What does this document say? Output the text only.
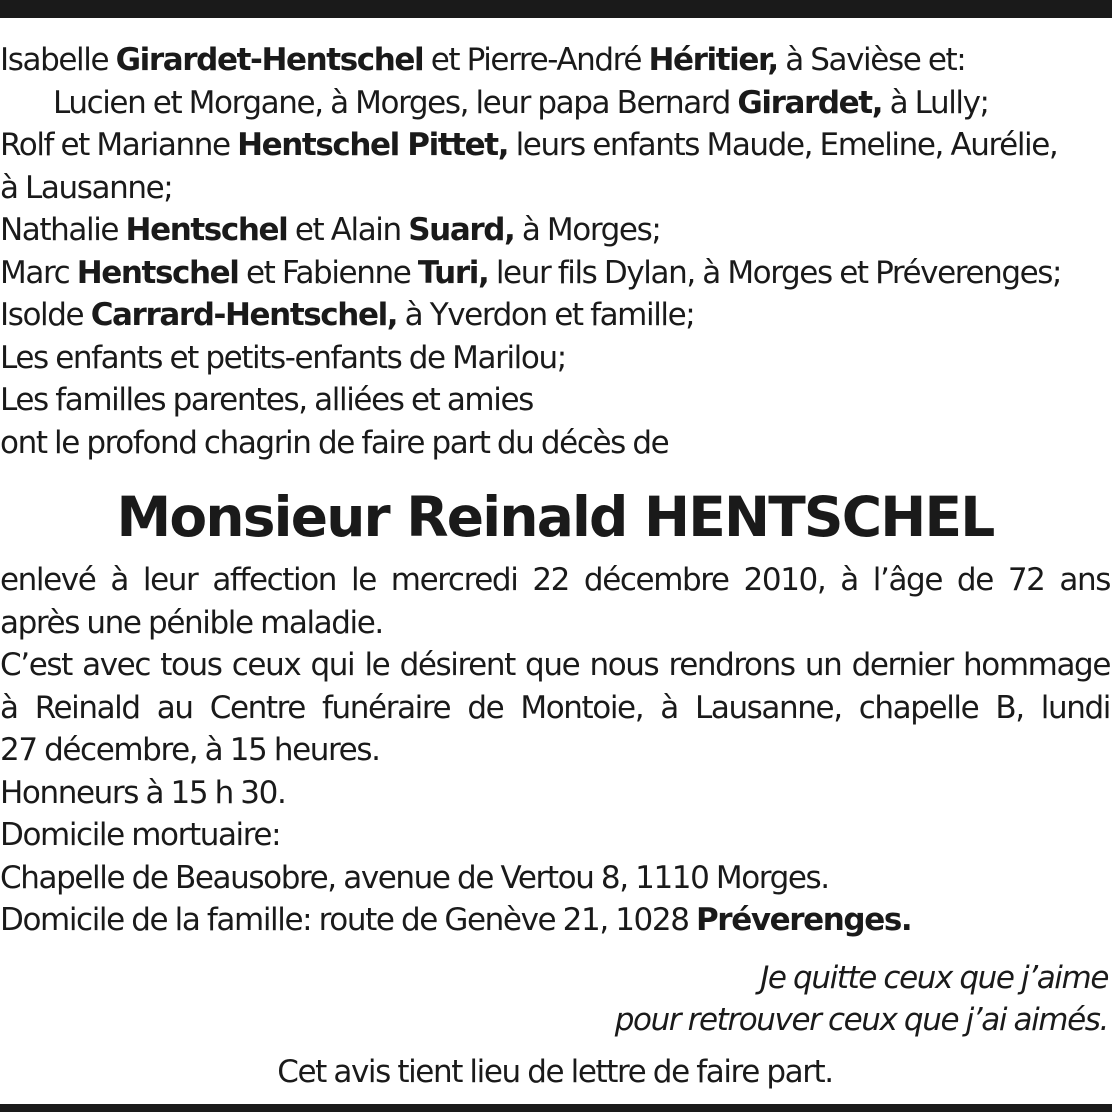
Isabelle Girardet-Hentschel et Pierre-André Héritier, à Savièse et:
Lucien et Morgane, à Morges, leur papa Bernard Girardet, à Lully;
Rolf et Marianne Hentschel Pittet, leurs enfants Maude, Emeline, Aurélie,
à Lausanne;
Nathalie Hentschel et Alain Suard, à Morges;
Marc Hentschel et Fabienne Turi, leur fils Dylan, à Morges et Préverenges;
Isolde Carrard-Hentschel, à Yverdon et famille;
Les enfants et petits-enfants de Marilou;
Les familles parentes, alliées et amies
ont le profond chagrin de faire part du décès de
Monsieur Reinald HENTSCHEL
enlevé à leur affection le mercredi 22 décembre 2010, à l’âge de 72 ans
après une pénible maladie.
C’est avec tous ceux qui le désirent que nous rendrons un dernier hommage
à Reinald au Centre funéraire de Montoie, à Lausanne, chapelle B, lundi
27 décembre, à 15 heures.
Honneurs à 15 h 30.
Domicile mortuaire:
Chapelle de Beausobre, avenue de Vertou 8, 1110 Morges.
Domicile de la famille: route de Genève 21, 1028 Préverenges.
Je quitte ceux que j’aime
pour retrouver ceux que j’ai aimés.
Cet avis tient lieu de lettre de faire part.
